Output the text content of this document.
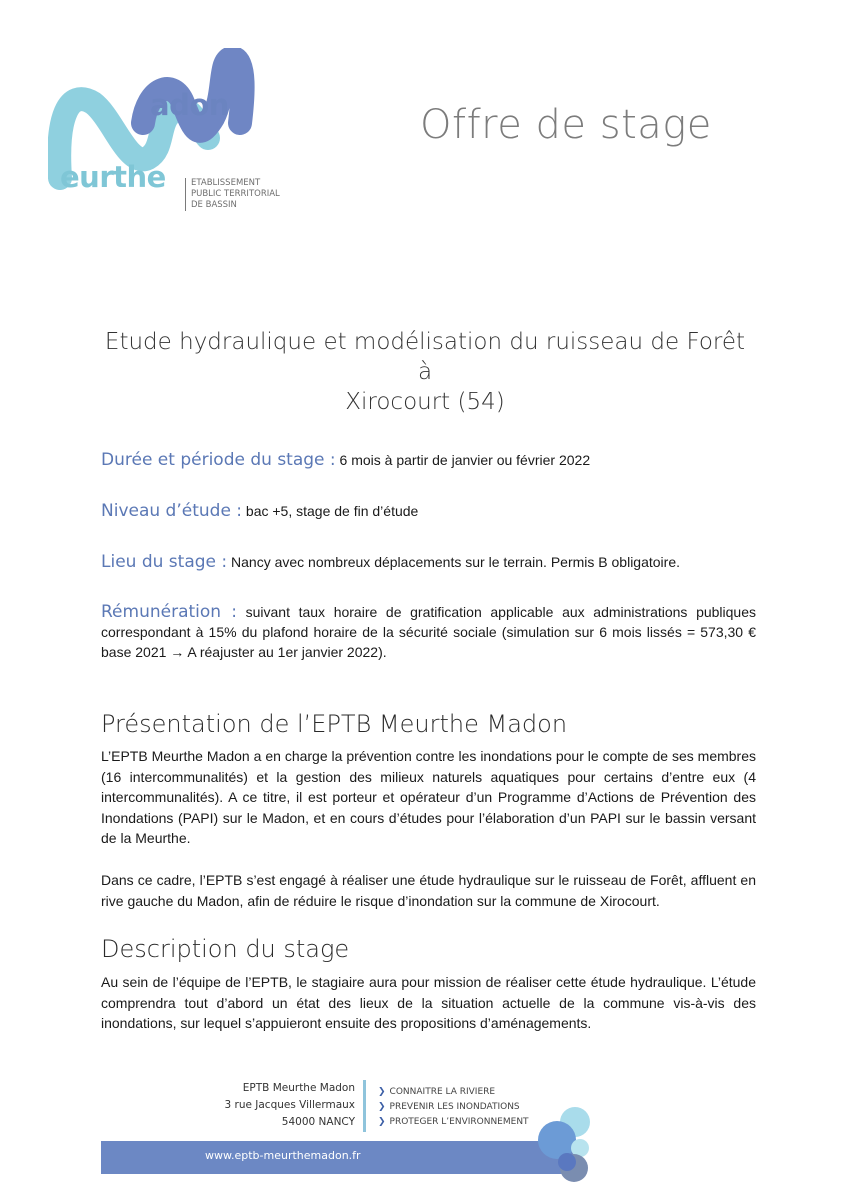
adon
eurthe	ETABLISSEMENT
PUBLIC TERRITORIAL
DE BASSIN
Offre de stage
Etude hydraulique et modélisation du ruisseau de Forêt à
Xirocourt (54)
Durée et période du stage : 6 mois à partir de janvier ou février 2022
Niveau d’étude : bac +5, stage de fin d’étude
Lieu du stage : Nancy avec nombreux déplacements sur le terrain. Permis B obligatoire.
Rémunération : suivant taux horaire de gratification applicable aux administrations publiques correspondant à 15% du plafond horaire de la sécurité sociale (simulation sur 6 mois lissés = 573,30 € base 2021 → A réajuster au 1er janvier 2022).
Présentation de l’EPTB Meurthe Madon

L’EPTB Meurthe Madon a en charge la prévention contre les inondations pour le compte de ses membres (16 intercommunalités) et la gestion des milieux naturels aquatiques pour certains d’entre eux (4 intercommunalités). A ce titre, il est porteur et opérateur d’un Programme d’Actions de Prévention des Inondations (PAPI) sur le Madon, et en cours d’études pour l’élaboration d’un PAPI sur le bassin versant de la Meurthe.

Dans ce cadre, l’EPTB s’est engagé à réaliser une étude hydraulique sur le ruisseau de Forêt, affluent en rive gauche du Madon, afin de réduire le risque d’inondation sur la commune de Xirocourt.

Description du stage

Au sein de l’équipe de l’EPTB, le stagiaire aura pour mission de réaliser cette étude hydraulique. L’étude comprendra tout d’abord un état des lieux de la situation actuelle de la commune vis-à-vis des inondations, sur lequel s’appuieront ensuite des propositions d’aménagements.

EPTB Meurthe Madon
3 rue Jacques Villermaux
54000 NANCY
❯ CONNAITRE LA RIVIERE
❯ PREVENIR LES INONDATIONS
❯ PROTEGER L’ENVIRONNEMENT
www.eptb-meurthemadon.fr
